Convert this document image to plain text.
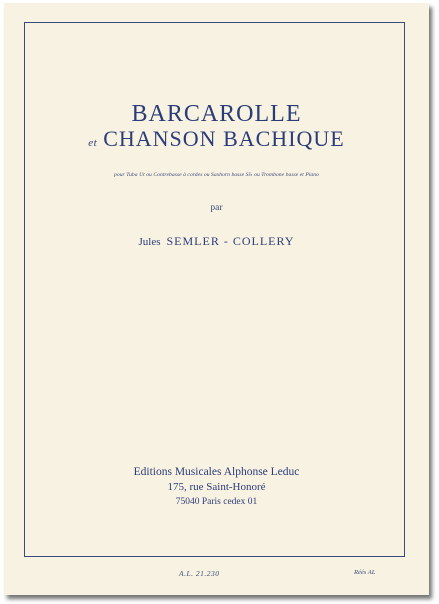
BARCAROLLE
et CHANSON BACHIQUE
pour Tuba Ut ou Contrebasse à cordes ou Saxhorn basse Si♭ ou Trombone basse et Piano
par
Jules SEMLER - COLLERY
Editions Musicales Alphonse Leduc
175, rue Saint-Honoré
75040 Paris cedex 01
A.L. 21.230	Réés AL
